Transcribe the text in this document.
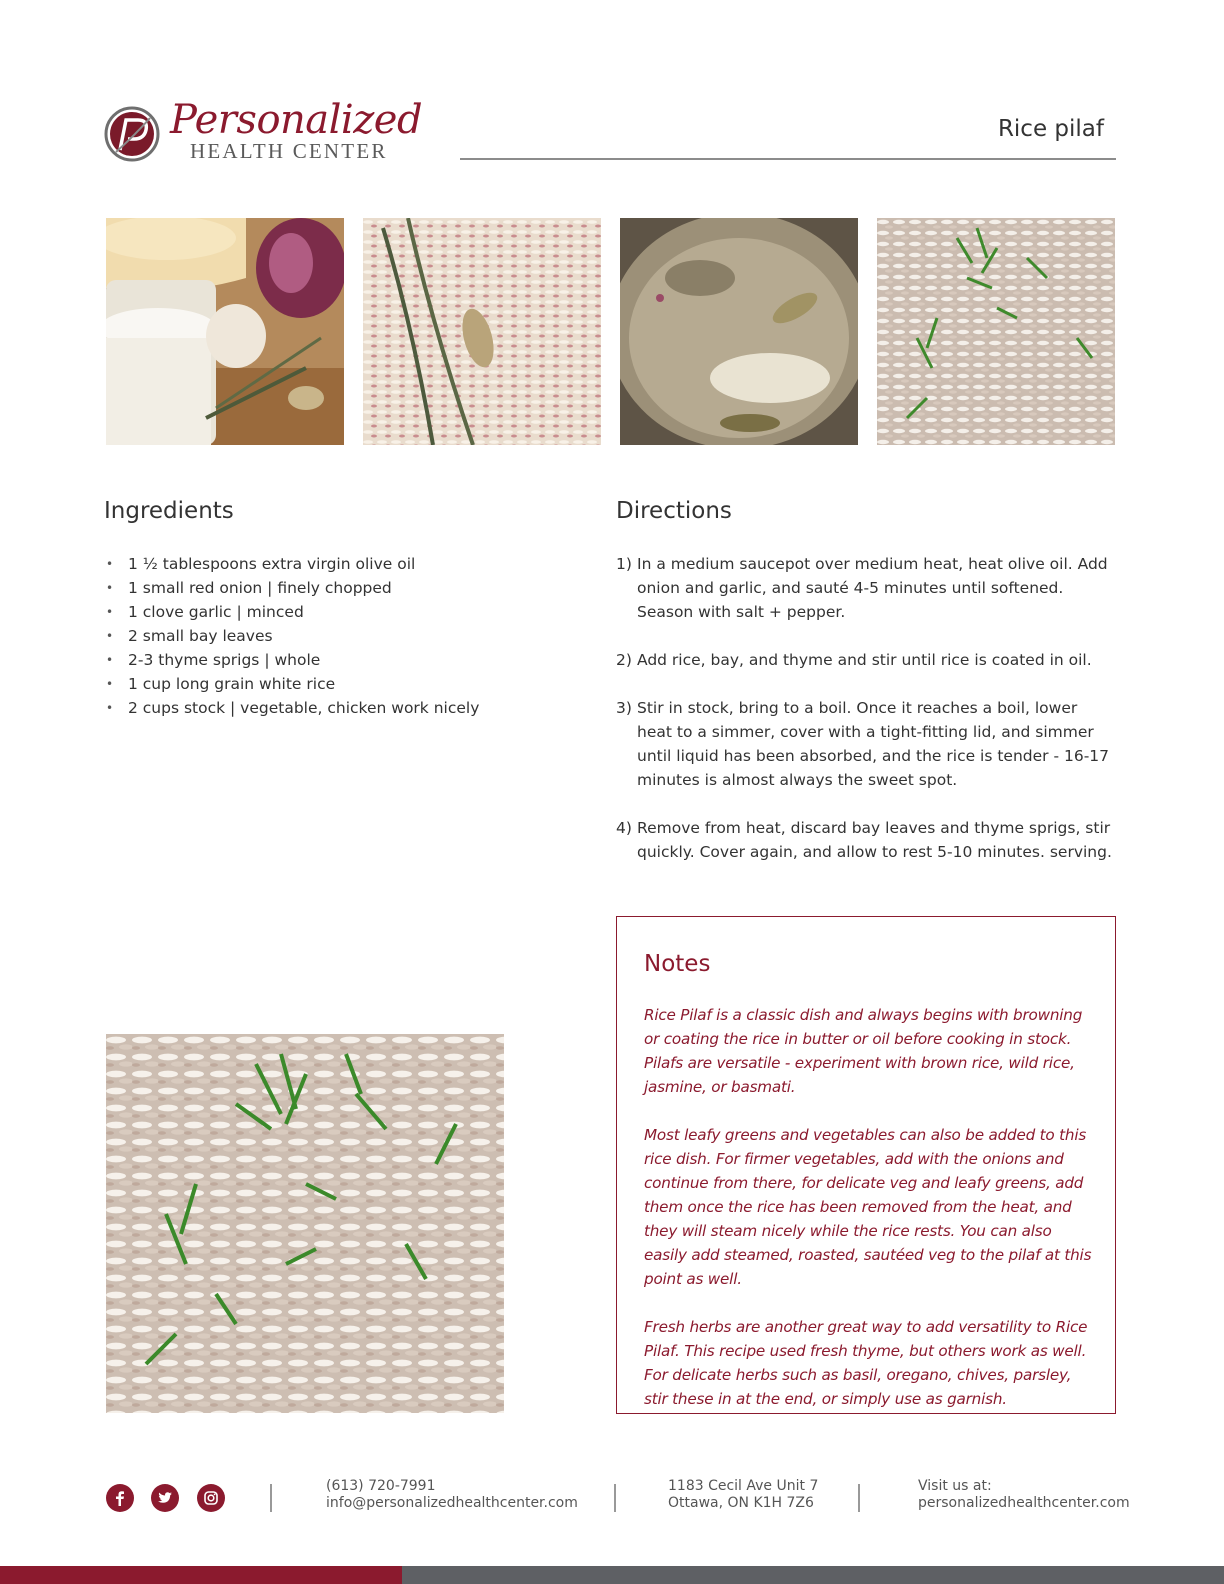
Personalized
HEALTH CENTER
Rice pilaf
Ingredients
• 1 ½ tablespoons extra virgin olive oil
• 1 small red onion | finely chopped
• 1 clove garlic | minced
• 2 small bay leaves
• 2-3 thyme sprigs | whole
• 1 cup long grain white rice
• 2 cups stock | vegetable, chicken work nicely
Directions
1) In a medium saucepot over medium heat, heat olive oil. Add onion and garlic, and sauté 4-5 minutes until softened. Season with salt + pepper.
2) Add rice, bay, and thyme and stir until rice is coated in oil.
3) Stir in stock, bring to a boil. Once it reaches a boil, lower heat to a simmer, cover with a tight-fitting lid, and simmer until liquid has been absorbed, and the rice is tender - 16-17 minutes is almost always the sweet spot.
4) Remove from heat, discard bay leaves and thyme sprigs, stir quickly. Cover again, and allow to rest 5-10 minutes. serving.
Notes

Rice Pilaf is a classic dish and always begins with browning or coating the rice in butter or oil before cooking in stock. Pilafs are versatile - experiment with brown rice, wild rice, jasmine, or basmati.

Most leafy greens and vegetables can also be added to this rice dish. For firmer vegetables, add with the onions and continue from there, for delicate veg and leafy greens, add them once the rice has been removed from the heat, and they will steam nicely while the rice rests. You can also easily add steamed, roasted, sautéed veg to the pilaf at this point as well.

Fresh herbs are another great way to add versatility to Rice Pilaf. This recipe used fresh thyme, but others work as well. For delicate herbs such as basil, oregano, chives, parsley, stir these in at the end, or simply use as garnish.

(613) 720-7991
info@personalizedhealthcenter.com
1183 Cecil Ave Unit 7
Ottawa, ON K1H 7Z6
Visit us at:
personalizedhealthcenter.com
